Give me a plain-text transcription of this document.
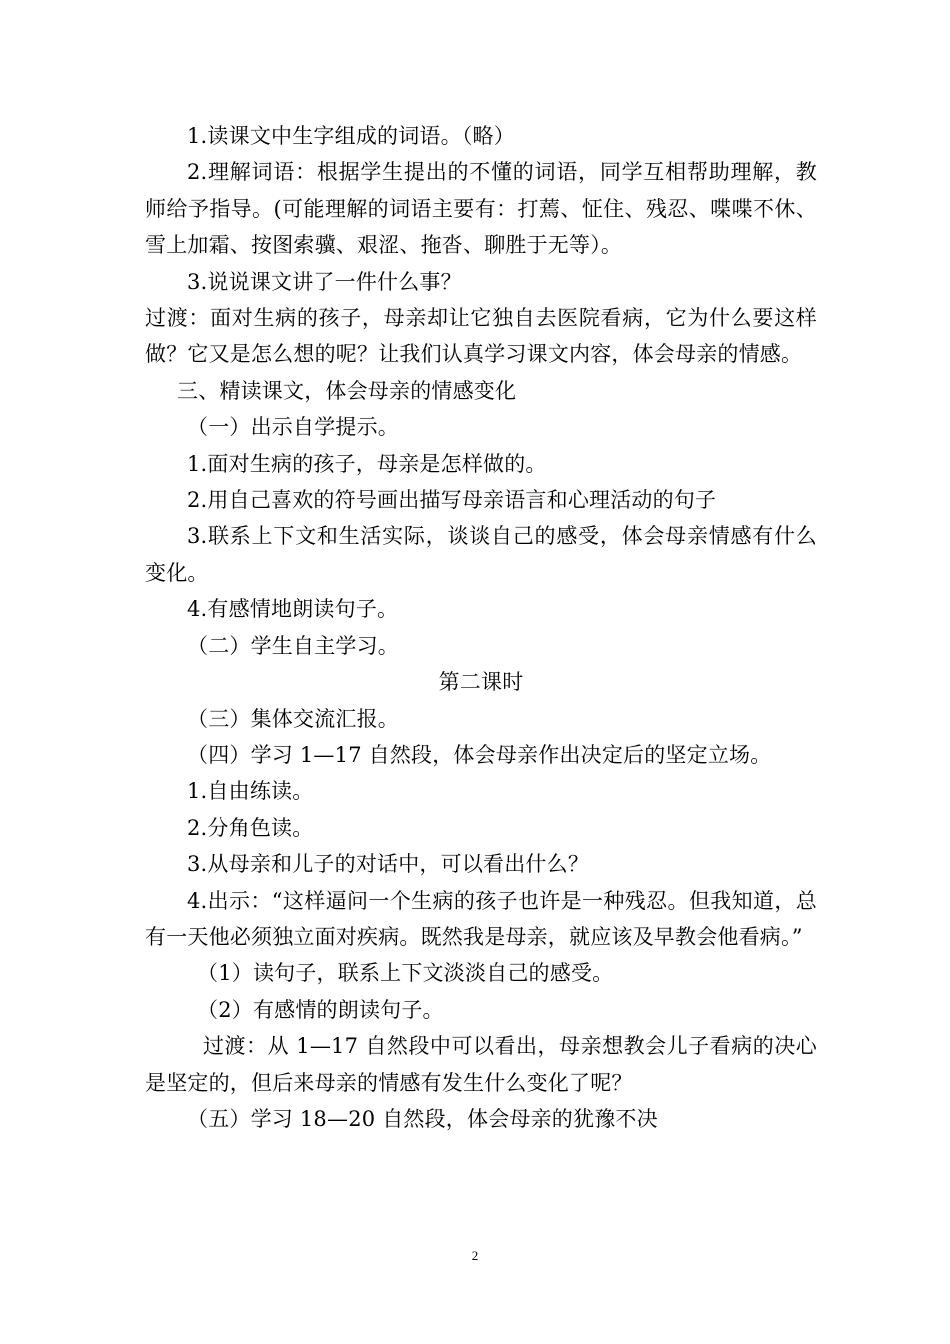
1.读课文中生字组成的词语。（略）

2.理解词语：根据学生提出的不懂的词语，同学互相帮助理解，教师给予指导。(可能理解的词语主要有：打蔫、怔住、残忍、喋喋不休、雪上加霜、按图索骥、艰涩、拖沓、聊胜于无等）。

3.说说课文讲了一件什么事？

过渡：面对生病的孩子，母亲却让它独自去医院看病，它为什么要这样做？它又是怎么想的呢？让我们认真学习课文内容，体会母亲的情感。

三、精读课文，体会母亲的情感变化

（一）出示自学提示。

1.面对生病的孩子，母亲是怎样做的。

2.用自己喜欢的符号画出描写母亲语言和心理活动的句子

3.联系上下文和生活实际，谈谈自己的感受，体会母亲情感有什么变化。

4.有感情地朗读句子。

（二）学生自主学习。

第二课时

（三）集体交流汇报。

（四）学习 1—17 自然段，体会母亲作出决定后的坚定立场。

1.自由练读。

2.分角色读。

3.从母亲和儿子的对话中，可以看出什么？

4.出示：“这样逼问一个生病的孩子也许是一种残忍。但我知道，总有一天他必须独立面对疾病。既然我是母亲，就应该及早教会他看病。”

（1）读句子，联系上下文淡淡自己的感受。

（2）有感情的朗读句子。

过渡：从 1—17 自然段中可以看出，母亲想教会儿子看病的决心是坚定的，但后来母亲的情感有发生什么变化了呢？

（五）学习 18—20 自然段，体会母亲的犹豫不决

2
